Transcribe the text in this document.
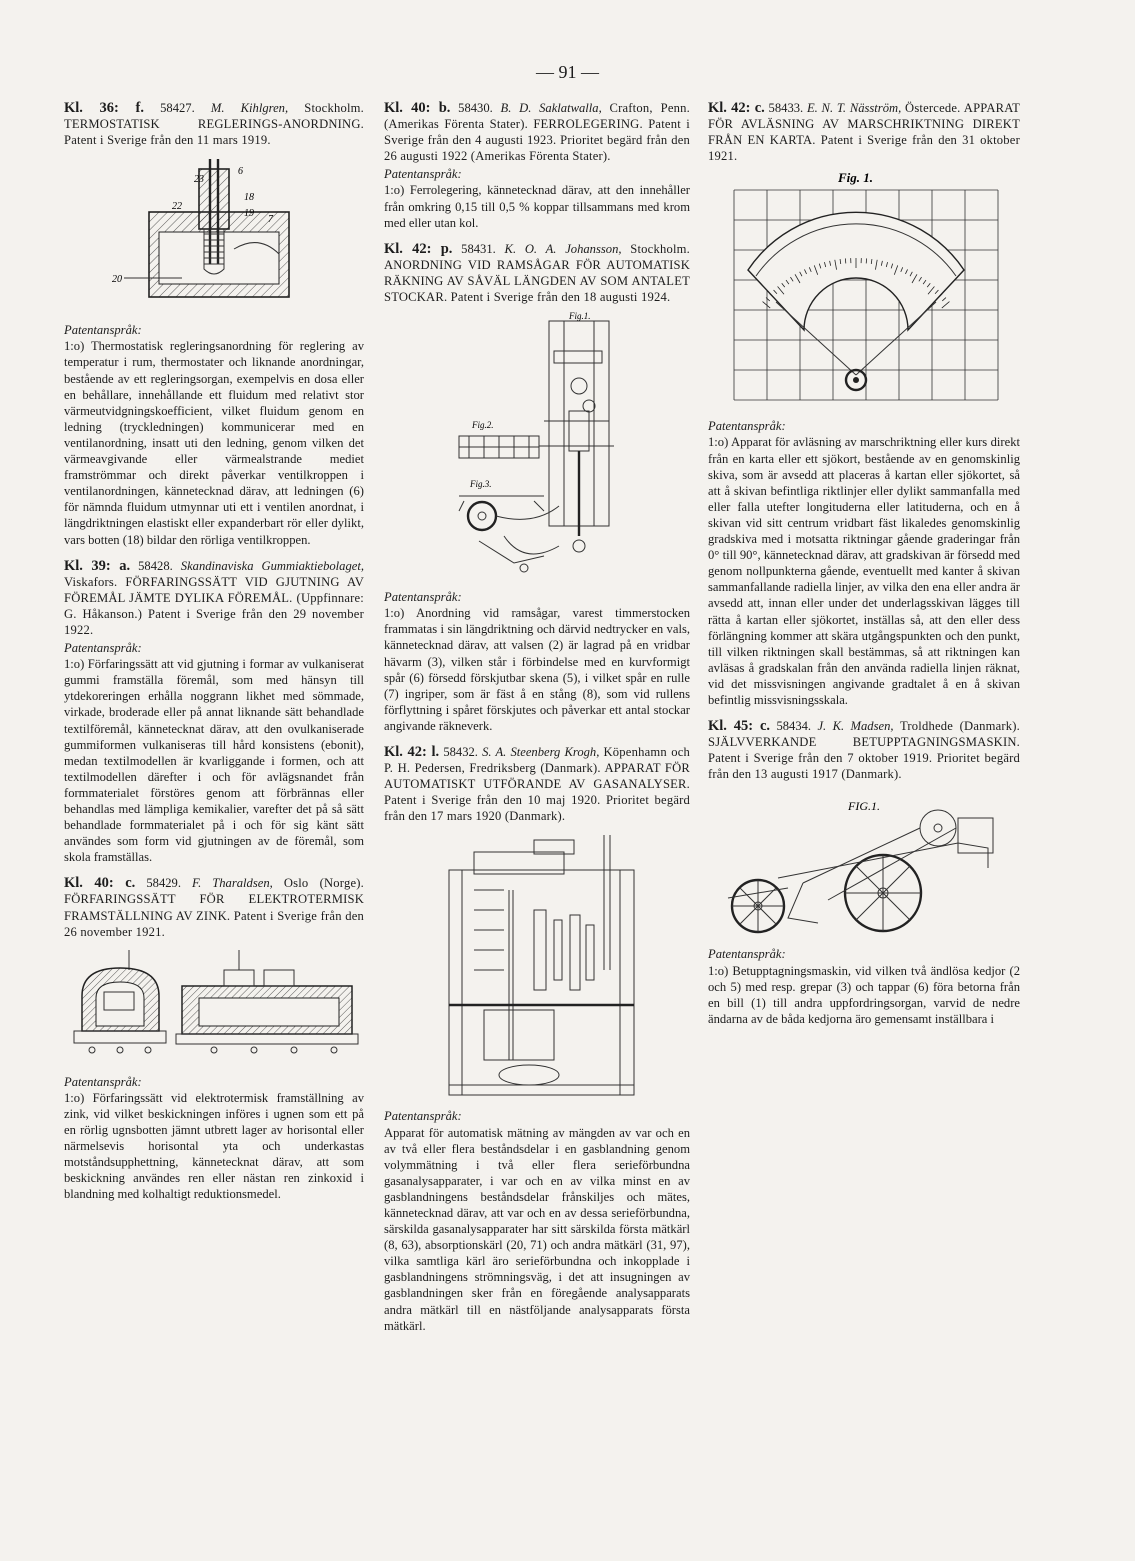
— 91 —

Kl. 36: f. 58427. M. Kihlgren, Stockholm. TERMOSTATISK REGLERINGS-ANORDNING. Patent i Sverige från den 11 mars 1919.

23
6
22
18
19
7
20
Patentanspråk:

1:o) Thermostatisk regleringsanordning för reglering av temperatur i rum, thermostater och liknande anordningar, bestående av ett regleringsorgan, exempelvis en dosa eller en behållare, innehållande ett fluidum med relativt stor värmeutvidgningskoefficient, vilket fluidum genom en ledning (tryckledningen) kommunicerar med en ventilanordning, insatt uti den ledning, genom vilken det värmeavgivande eller värmealstrande mediet framströmmar och direkt påverkar ventilkroppen i ventilanordningen, kännetecknad därav, att ledningen (6) för nämnda fluidum utmynnar uti ett i ventilen anordnat, i längdriktningen elastiskt eller expanderbart rör eller dylikt, vars botten (18) bildar den rörliga ventilkroppen.

Kl. 39: a. 58428. Skandinaviska Gummiaktiebolaget, Viskafors. FÖRFARINGSSÄTT VID GJUTNING AV FÖREMÅL JÄMTE DYLIKA FÖREMÅL. (Uppfinnare: G. Håkanson.) Patent i Sverige från den 29 november 1922.

Patentanspråk:

1:o) Förfaringssätt att vid gjutning i formar av vulkaniserat gummi framställa föremål, som med hänsyn till ytdekoreringen erhålla noggrann likhet med sömmade, virkade, broderade eller på annat liknande sätt behandlade textilföremål, kännetecknat därav, att den ovulkaniserade gummiformen vulkaniseras till hård konsistens (ebonit), medan textilmodellen är kvarliggande i formen, och att textilmodellen därefter i och för avlägsnandet från formmaterialet förstöres genom att förbrännas eller behandlas med lämpliga kemikalier, varefter det på så sätt behandlade formmaterialet på i och för sig känt sätt användes som form vid gjutningen av de föremål, som skola framställas.

Kl. 40: c. 58429. F. Tharaldsen, Oslo (Norge). FÖRFARINGSSÄTT FÖR ELEKTROTERMISK FRAMSTÄLLNING AV ZINK. Patent i Sverige från den 26 november 1921.

Patentanspråk:

1:o) Förfaringssätt vid elektrotermisk framställning av zink, vid vilket beskickningen införes i ugnen som ett på en rörlig ugnsbotten jämnt utbrett lager av horisontal eller närmelsevis horisontal yta och underkastas motståndsupphettning, kännetecknat därav, att som beskickning användes ren eller nästan ren zinkoxid i blandning med kolhaltigt reduktionsmedel.

Kl. 40: b. 58430. B. D. Saklatwalla, Crafton, Penn. (Amerikas Förenta Stater). FERROLEGERING. Patent i Sverige från den 4 augusti 1923. Prioritet begärd från den 26 augusti 1922 (Amerikas Förenta Stater).

Patentanspråk:

1:o) Ferrolegering, kännetecknad därav, att den innehåller från omkring 0,15 till 0,5 % koppar tillsammans med krom med eller utan kol.

Kl. 42: p. 58431. K. O. A. Johansson, Stockholm. ANORDNING VID RAMSÅGAR FÖR AUTOMATISK RÄKNING AV SÅVÄL LÄNGDEN AV SOM ANTALET STOCKAR. Patent i Sverige från den 18 augusti 1924.

Fig.2.
Fig.1.
Fig.3.
Patentanspråk:

1:o) Anordning vid ramsågar, varest timmerstocken frammatas i sin längdriktning och därvid nedtrycker en vals, kännetecknad därav, att valsen (2) är lagrad på en vridbar hävarm (3), vilken står i förbindelse med en kurvformigt spår (6) försedd förskjutbar skena (5), i vilket spår en rulle (7) ingriper, som är fäst å en stång (8), som vid rullens förflyttning i spåret förskjutes och påverkar ett antal stockar angivande räkneverk.

Kl. 42: l. 58432. S. A. Steenberg Krogh, Köpenhamn och P. H. Pedersen, Fredriksberg (Danmark). APPARAT FÖR AUTOMATISKT UTFÖRANDE AV GASANALYSER. Patent i Sverige från den 10 maj 1920. Prioritet begärd från den 17 mars 1920 (Danmark).

Patentanspråk:

Apparat för automatisk mätning av mängden av var och en av två eller flera beståndsdelar i en gasblandning genom volymmätning i två eller flera serieförbundna gasanalysapparater, i var och en av vilka minst en av gasblandningens beståndsdelar frånskiljes och mätes, kännetecknad därav, att var och en av dessa serieförbundna, särskilda gasanalysapparater har sitt särskilda första mätkärl (8, 63), absorptionskärl (20, 71) och andra mätkärl (31, 97), vilka samtliga kärl äro serieförbundna och inkopplade i gasblandningens strömningsväg, i det att insugningen av gasblandningen sker från en föregående analysapparats andra mätkärl till en nästföljande analysapparats första mätkärl.

Kl. 42: c. 58433. E. N. T. Näsström, Östercede. APPARAT FÖR AVLÄSNING AV MARSCHRIKTNING DIREKT FRÅN EN KARTA. Patent i Sverige från den 31 oktober 1921.

Fig. 1.
Patentanspråk:

1:o) Apparat för avläsning av marschriktning eller kurs direkt från en karta eller ett sjökort, bestående av en genomskinlig skiva, som är avsedd att placeras å kartan eller sjökortet, så att å skivan befintliga riktlinjer eller dylikt sammanfalla med eller falla utefter longituderna eller latituderna, och en å skivan vid sitt centrum vridbart fäst likaledes genomskinlig gradskiva med i motsatta riktningar gående graderingar från 0° till 90°, kännetecknad därav, att gradskivan är försedd med genom nollpunkterna gående, eventuellt med kanter å skivan sammanfallande radiella linjer, av vilka den ena eller andra är avsedd att, innan eller under det underlagsskivan lägges till rätta å kartan eller sjökortet, inställas så, att den eller dess förlängning kommer att skära utgångspunkten och den punkt, till vilken riktningen skall bestämmas, så att riktningen kan avläsas å gradskalan från den använda radiella linjen räknat, vid det missvisningen angivande gradtalet å en å skivan befintlig missvisningsskala.

Kl. 45: c. 58434. J. K. Madsen, Troldhede (Danmark). SJÄLVVERKANDE BETUPPTAGNINGSMASKIN. Patent i Sverige från den 7 oktober 1919. Prioritet begärd från den 13 augusti 1917 (Danmark).

FIG.1.
Patentanspråk:

1:o) Betupptagningsmaskin, vid vilken två ändlösa kedjor (2 och 5) med resp. grepar (3) och tappar (6) föra betorna från en bill (1) till andra uppfordringsorgan, varvid de nedre ändarna av de båda kedjorna äro gemensamt inställbara i
